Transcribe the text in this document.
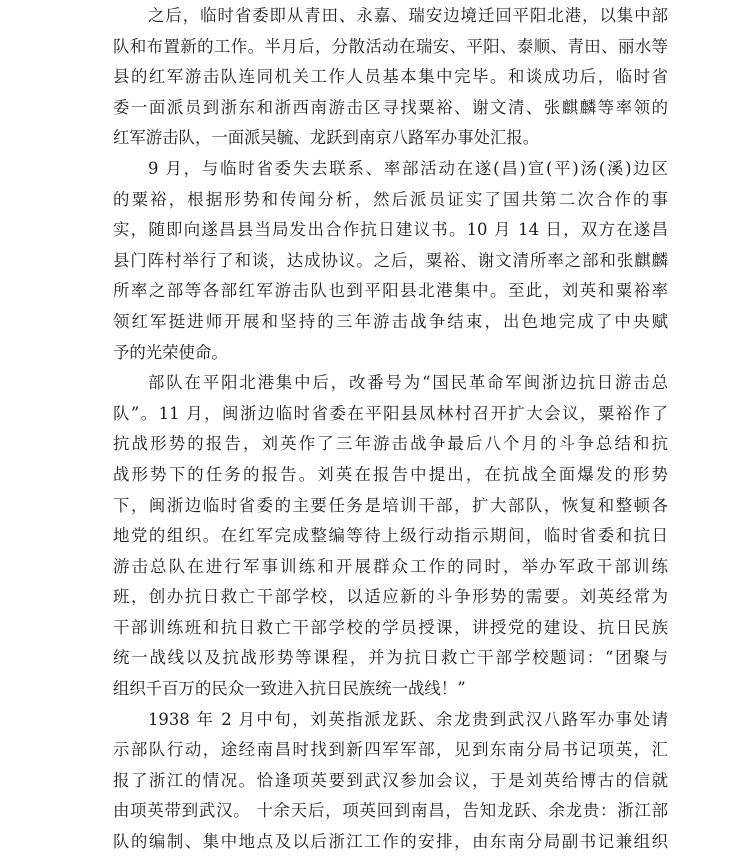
之后，临时省委即从青田、永嘉、瑞安边境迁回平阳北港，以集中部
队和布置新的工作。半月后，分散活动在瑞安、平阳、泰顺、青田、丽水等
县的红军游击队连同机关工作人员基本集中完毕。和谈成功后，临时省
委一面派员到浙东和浙西南游击区寻找粟裕、谢文清、张麒麟等率领的
红军游击队，一面派吴毓、龙跃到南京八路军办事处汇报。
9 月，与临时省委失去联系、率部活动在遂(昌)宣(平)汤(溪)边区
的粟裕，根据形势和传闻分析，然后派员证实了国共第二次合作的事
实，随即向遂昌县当局发出合作抗日建议书。10 月 14 日，双方在遂昌
县门阵村举行了和谈，达成协议。之后，粟裕、谢文清所率之部和张麒麟
所率之部等各部红军游击队也到平阳县北港集中。至此，刘英和粟裕率
领红军挺进师开展和坚持的三年游击战争结束，出色地完成了中央赋
予的光荣使命。
部队在平阳北港集中后，改番号为“国民革命军闽浙边抗日游击总
队”。11 月，闽浙边临时省委在平阳县凤林村召开扩大会议，粟裕作了
抗战形势的报告，刘英作了三年游击战争最后八个月的斗争总结和抗
战形势下的任务的报告。刘英在报告中提出，在抗战全面爆发的形势
下，闽浙边临时省委的主要任务是培训干部，扩大部队，恢复和整顿各
地党的组织。在红军完成整编等待上级行动指示期间，临时省委和抗日
游击总队在进行军事训练和开展群众工作的同时，举办军政干部训练
班，创办抗日救亡干部学校，以适应新的斗争形势的需要。刘英经常为
干部训练班和抗日救亡干部学校的学员授课，讲授党的建设、抗日民族
统一战线以及抗战形势等课程，并为抗日救亡干部学校题词：“团聚与
组织千百万的民众一致进入抗日民族统一战线！”
1938 年 2 月中旬，刘英指派龙跃、余龙贵到武汉八路军办事处请
示部队行动，途经南昌时找到新四军军部，见到东南分局书记项英，汇
报了浙江的情况。恰逢项英要到武汉参加会议，于是刘英给博古的信就
由项英带到武汉。 十余天后，项英回到南昌，告知龙跃、余龙贵：浙江部
队的编制、集中地点及以后浙江工作的安排，由东南分局副书记兼组织
